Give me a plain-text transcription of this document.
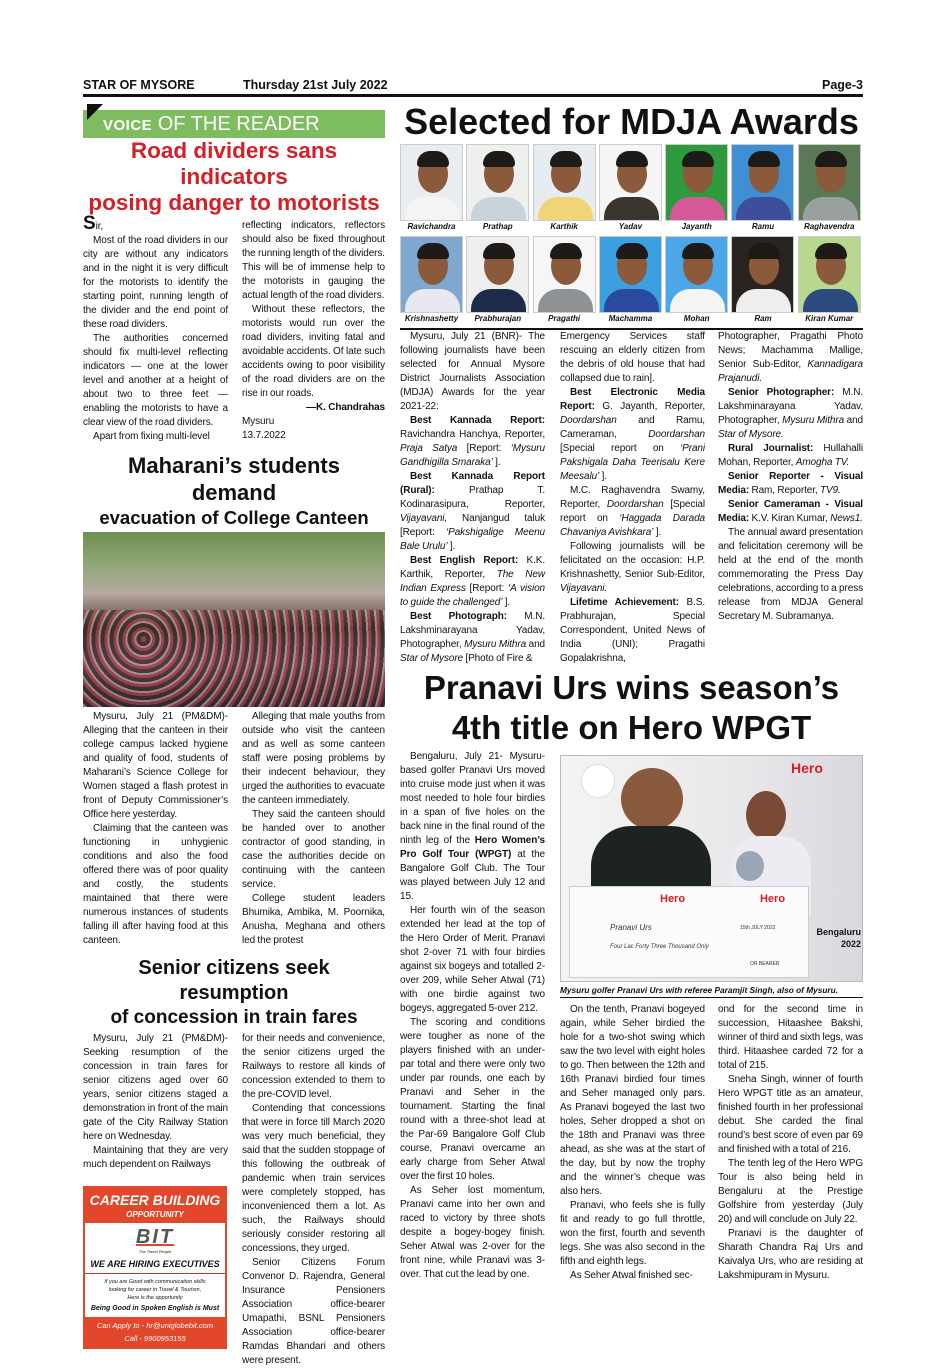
STAR OF MYSORE	Thursday 21st July 2022	Page-3
VOICE OF THE READER
Road dividers sans indicators
posing danger to motorists

Sir,

Most of the road dividers in our city are without any indicators and in the night it is very difficult for the motorists to identify the starting point, running length of the divider and the end point of these road dividers.

The authorities concerned should fix multi-level reflecting indicators — one at the lower level and another at a height of about two to three feet — enabling the motorists to have a clear view of the road dividers.

Apart from fixing multi-level

reflecting indicators, reflectors should also be fixed throughout the running length of the dividers. This will be of immense help to the motorists in gauging the actual length of the road dividers.

Without these reflectors, the motorists would run over the road dividers, inviting fatal and avoidable accidents. Of late such accidents owing to poor visibility of the road dividers are on the rise in our roads.

—K. Chandrahas

Mysuru

13.7.2022

Maharani’s students demand
evacuation of College Canteen

Mysuru, July 21 (PM&DM)- Alleging that the canteen in their college campus lacked hygiene and quality of food, students of Maharani’s Science College for Women staged a flash protest in front of Deputy Commissioner’s Office here yesterday.

Claiming that the canteen was functioning in unhygienic conditions and also the food offered there was of poor quality and costly, the students maintained that there were numerous instances of students falling ill after having food at this canteen.

Alleging that male youths from outside who visit the canteen and as well as some canteen staff were posing problems by their indecent behaviour, they urged the authorities to evacuate the canteen immediately.

They said the canteen should be handed over to another contractor of good standing, in case the authorities decide on continuing with the canteen service.

College student leaders Bhumika, Ambika, M. Poornika, Anusha, Meghana and others led the protest

Senior citizens seek resumption
of concession in train fares

Mysuru, July 21 (PM&DM)- Seeking resumption of the concession in train fares for senior citizens aged over 60 years, senior citizens staged a demonstration in front of the main gate of the City Railway Station here on Wednesday.

Maintaining that they are very much dependent on Railways

CAREER BUILDING
OPPORTUNITY
BIT
The Travel People
WE ARE HIRING EXECUTIVES
If you are Good with communication skills
looking for career in Travel & Tourism,
Here is the opportunity
Being Good in Spoken English is Must
Can Apply to - hr@uniglobebit.com
Call - 9900953155

for their needs and convenience, the senior citizens urged the Railways to restore all kinds of concession extended to them to the pre-COVID level.

Contending that concessions that were in force till March 2020 was very much beneficial, they said that the sudden stoppage of this following the outbreak of pandemic when train services were completely stopped, has inconvenienced them a lot. As such, the Railways should seriously consider restoring all concessions, they urged.

Senior Citizens Forum Convenor D. Rajendra, General Insurance Pensioners Association office-bearer Umapathi, BSNL Pensioners Association office-bearer Ramdas Bhandari and others were present.

Selected for MDJA Awards
Ravichandra	Prathap	Karthik	Yadav	Jayanth	Ramu	Raghavendra
Krishnashetty	Prabhurajan	Pragathi	Machamma	Mohan	Ram	Kiran Kumar

Mysuru, July 21 (BNR)- The following journalists have been selected for Annual Mysore District Journalists Association (MDJA) Awards for the year 2021-22:

Best Kannada Report: Ravichandra Hanchya, Reporter, Praja Satya [Report: ‘Mysuru Gandhigilla Smaraka’ ].

Best Kannada Report (Rural): Prathap T. Kodinarasipura, Reporter, Vijayavani, Nanjangud taluk [Report: ‘Pakshigalige Meenu Bale Urulu’ ].

Best English Report: K.K. Karthik, Reporter, The New Indian Express [Report: ‘A vision to guide the challenged’ ].

Best Photograph: M.N. Lakshminarayana Yadav, Photographer, Mysuru Mithra and Star of Mysore [Photo of Fire &

Emergency Services staff rescuing an elderly citizen from the debris of old house that had collapsed due to rain].

Best Electronic Media Report: G. Jayanth, Reporter, Doordarshan and Ramu, Cameraman, Doordarshan [Special report on ‘Prani Pakshigala Daha Teerisalu Kere Meesalu’ ].

M.C. Raghavendra Swamy, Reporter, Doordarshan [Special report on ‘Haggada Darada Chavaniya Avishkara’ ].

Following journalists will be felicitated on the occasion: H.P. Krishnashetty, Senior Sub-Editor, Vijayavani.

Lifetime Achievement: B.S. Prabhurajan, Special Correspondent, United News of India (UNI); Pragathi Gopalakrishna,

Photographer, Pragathi Photo News; Machamma Mallige, Senior Sub-Editor, Kannadigara Prajanudi.

Senior Photographer: M.N. Lakshminarayana Yadav, Photographer, Mysuru Mithra and Star of Mysore.

Rural Journalist: Hullahalli Mohan, Reporter, Amogha TV.

Senior Reporter - Visual Media: Ram, Reporter, TV9.

Senior Cameraman - Visual Media: K.V. Kiran Kumar, News1.

The annual award presentation and felicitation ceremony will be held at the end of the month commemorating the Press Day celebrations, according to a press release from MDJA General Secretary M. Subramanya.

Pranavi Urs wins season’s
4th title on Hero WPGT

Bengaluru, July 21- Mysuru-based golfer Pranavi Urs moved into cruise mode just when it was most needed to hole four birdies in a span of five holes on the back nine in the final round of the ninth leg of the Hero Women’s Pro Golf Tour (WPGT) at the Bangalore Golf Club. The Tour was played between July 12 and 15.

Her fourth win of the season extended her lead at the top of the Hero Order of Merit. Pranavi shot 2-over 71 with four birdies against six bogeys and totalled 2-over 209, while Seher Atwal (71) with one birdie against two bogeys, aggregated 5-over 212.

The scoring and conditions were tougher as none of the players finished with an under-par total and there were only two under par rounds, one each by Pranavi and Seher in the tournament. Starting the final round with a three-shot lead at the Par-69 Bangalore Golf Club course, Pranavi overcame an early charge from Seher Atwal over the first 10 holes.

As Seher lost momentum, Pranavi came into her own and raced to victory by three shots despite a bogey-bogey finish. Seher Atwal was 2-over for the front nine, while Pranavi was 3-over. That cut the lead by one.

Hero
Hero	Hero
Pranavi Urs
Four Lac Forty Three Thousand Only
15th JULY 2022
OR BEARER
Bengaluru 2022
Mysuru golfer Pranavi Urs with referee Paramjit Singh, also of Mysuru.

On the tenth, Pranavi bogeyed again, while Seher birdied the hole for a two-shot swing which saw the two level with eight holes to go. Then between the 12th and 16th Pranavi birdied four times and Seher managed only pars. As Pranavi bogeyed the last two holes, Seher dropped a shot on the 18th and Pranavi was three ahead, as she was at the start of the day, but by now the trophy and the winner’s cheque was also hers.

Pranavi, who feels she is fully fit and ready to go full throttle, won the first, fourth and seventh legs. She was also second in the fifth and eighth legs.

As Seher Atwal finished sec-

ond for the second time in succession, Hitaashee Bakshi, winner of third and sixth legs, was third. Hitaashee carded 72 for a total of 215.

Sneha Singh, winner of fourth Hero WPGT title as an amateur, finished fourth in her professional debut. She carded the final round’s best score of even par 69 and finished with a total of 216.

The tenth leg of the Hero WPG Tour is also being held in Bengaluru at the Prestige Golfshire from yesterday (July 20) and will conclude on July 22.

Pranavi is the daughter of Sharath Chandra Raj Urs and Kaivalya Urs, who are residing at Lakshmipuram in Mysuru.
